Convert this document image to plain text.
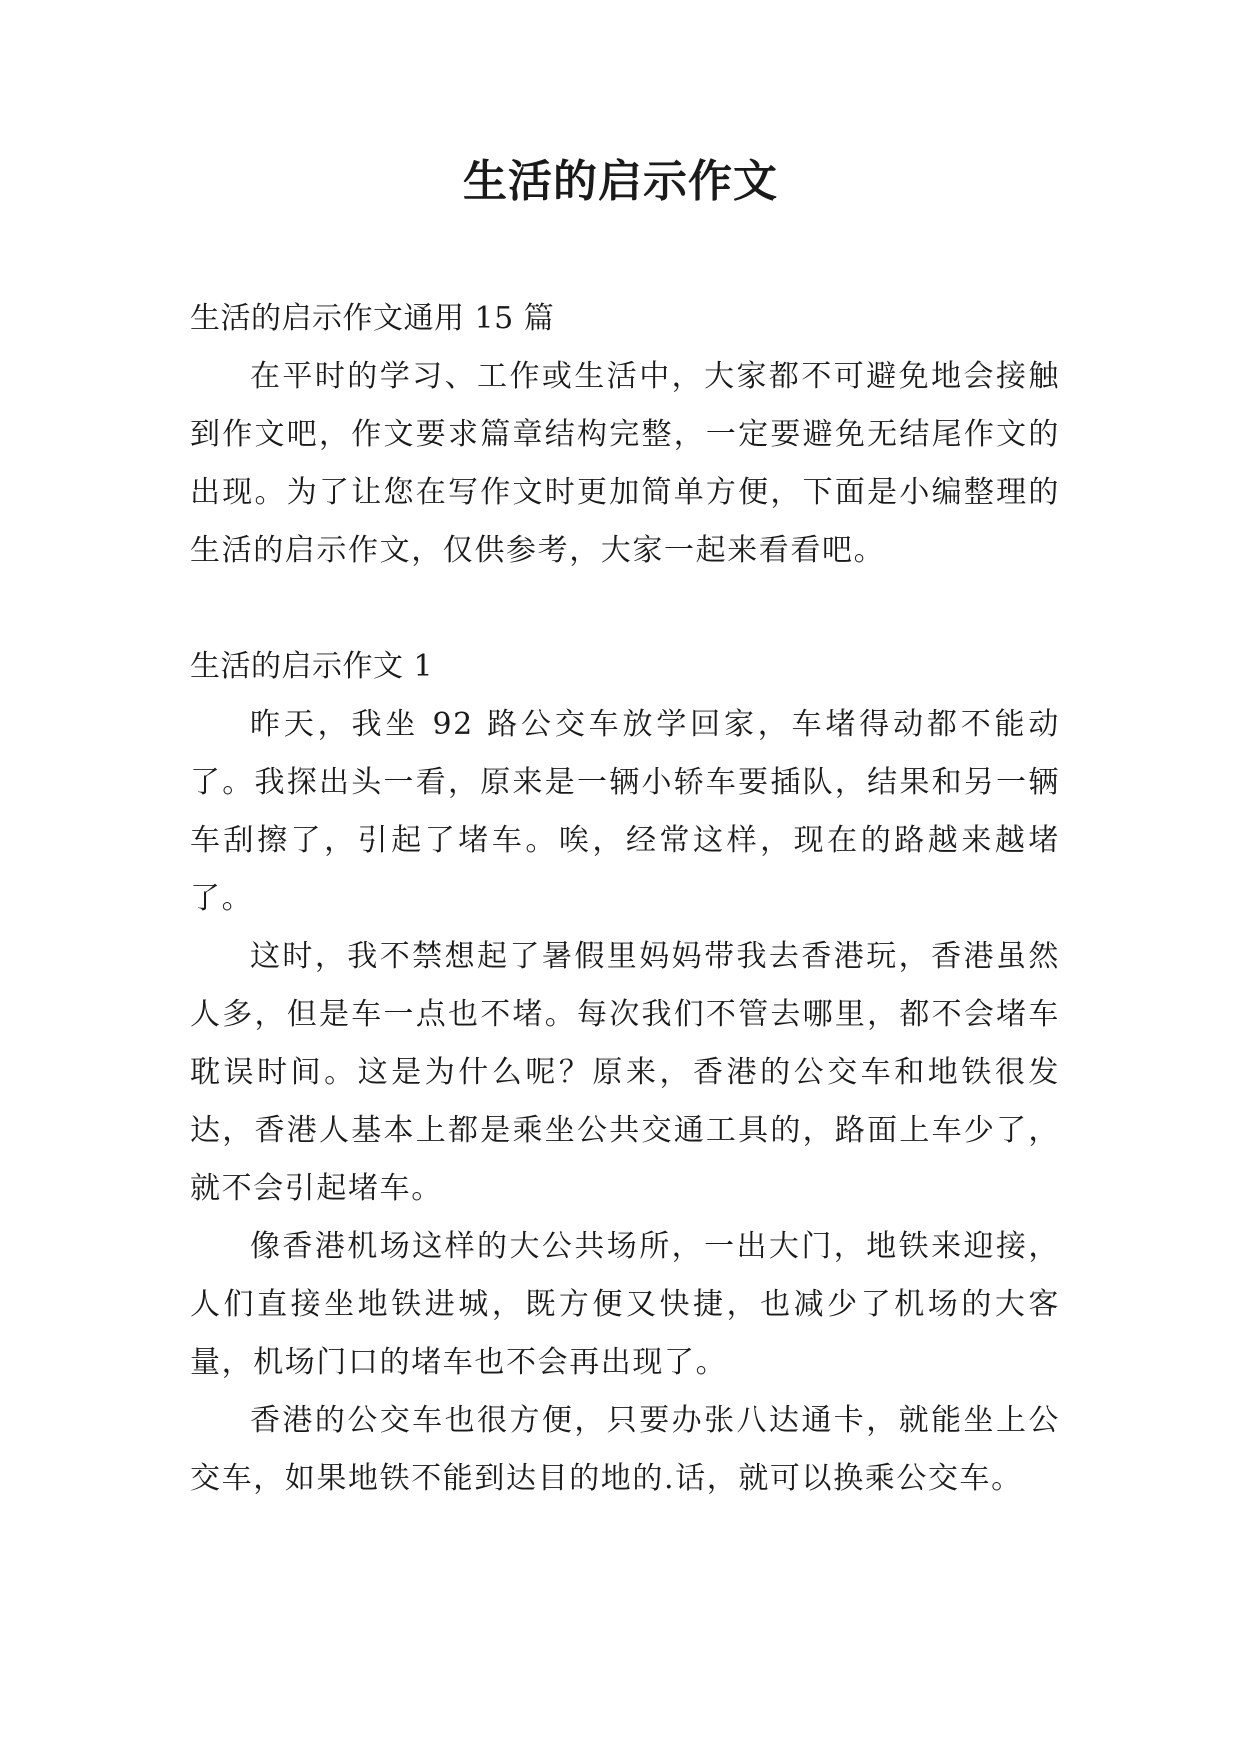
生活的启示作文

生活的启示作文通用 15 篇

在平时的学习、工作或生活中，大家都不可避免地会接触到作文吧，作文要求篇章结构完整，一定要避免无结尾作文的出现。为了让您在写作文时更加简单方便，下面是小编整理的生活的启示作文，仅供参考，大家一起来看看吧。

生活的启示作文 1

昨天，我坐 92 路公交车放学回家，车堵得动都不能动了。我探出头一看，原来是一辆小轿车要插队，结果和另一辆车刮擦了，引起了堵车。唉，经常这样，现在的路越来越堵了。

这时，我不禁想起了暑假里妈妈带我去香港玩，香港虽然人多，但是车一点也不堵。每次我们不管去哪里，都不会堵车耽误时间。这是为什么呢？原来，香港的公交车和地铁很发达，香港人基本上都是乘坐公共交通工具的，路面上车少了，就不会引起堵车。

像香港机场这样的大公共场所，一出大门，地铁来迎接，人们直接坐地铁进城，既方便又快捷，也减少了机场的大客量，机场门口的堵车也不会再出现了。

香港的公交车也很方便，只要办张八达通卡，就能坐上公交车，如果地铁不能到达目的地的.话，就可以换乘公交车。
